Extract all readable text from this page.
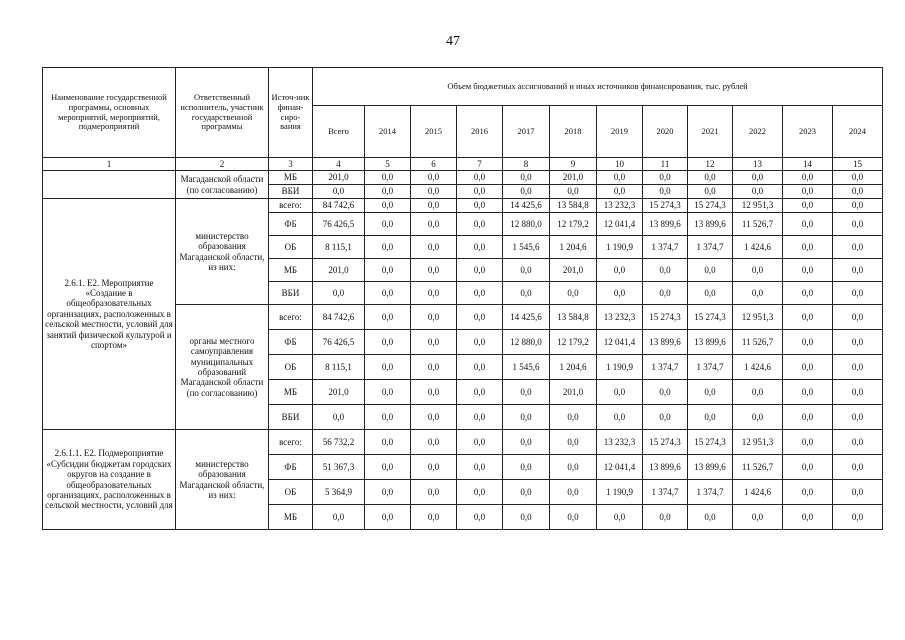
47
Наименование государственной программы, основных мероприятий, мероприятий, подмероприятий	Ответственный исполнитель, участник государственной программы	Источ-ник финан-сиро-вания	Объем бюджетных ассигнований и иных источников финансирования, тыс. рублей											
			Всего	2014	2015	2016	2017	2018	2019	2020	2021	2022	2023	2024
1	2	3	4	5	6	7	8	9	10	11	12	13	14	15
	Магаданской области (по согласованию)	МБ	201,0	0,0	0,0	0,0	0,0	201,0	0,0	0,0	0,0	0,0	0,0	0,0
		ВБИ	0,0	0,0	0,0	0,0	0,0	0,0	0,0	0,0	0,0	0,0	0,0	0,0
2.6.1. Е2. Мероприятие «Создание в общеобразовательных организациях, расположенных в сельской местности, условий для занятий физической культурой и спортом»	министерство образования Магаданской области, из них:	всего:	84 742,6	0,0	0,0	0,0	14 425,6	13 584,8	13 232,3	15 274,3	15 274,3	12 951,3	0,0	0,0
		ФБ	76 426,5	0,0	0,0	0,0	12 880,0	12 179,2	12 041,4	13 899,6	13 899,6	11 526,7	0,0	0,0
		ОБ	8 115,1	0,0	0,0	0,0	1 545,6	1 204,6	1 190,9	1 374,7	1 374,7	1 424,6	0,0	0,0
		МБ	201,0	0,0	0,0	0,0	0,0	201,0	0,0	0,0	0,0	0,0	0,0	0,0
		ВБИ	0,0	0,0	0,0	0,0	0,0	0,0	0,0	0,0	0,0	0,0	0,0	0,0
	органы местного самоуправления муниципальных образований Магаданской области (по согласованию)	всего:	84 742,6	0,0	0,0	0,0	14 425,6	13 584,8	13 232,3	15 274,3	15 274,3	12 951,3	0,0	0,0
		ФБ	76 426,5	0,0	0,0	0,0	12 880,0	12 179,2	12 041,4	13 899,6	13 899,6	11 526,7	0,0	0,0
		ОБ	8 115,1	0,0	0,0	0,0	1 545,6	1 204,6	1 190,9	1 374,7	1 374,7	1 424,6	0,0	0,0
		МБ	201,0	0,0	0,0	0,0	0,0	201,0	0,0	0,0	0,0	0,0	0,0	0,0
		ВБИ	0,0	0,0	0,0	0,0	0,0	0,0	0,0	0,0	0,0	0,0	0,0	0,0
2.6.1.1. Е2. Подмероприятие «Субсидии бюджетам городских округов на создание в общеобразовательных организациях, расположенных в сельской местности, условий для	министерство образования Магаданской области, из них:	всего:	56 732,2	0,0	0,0	0,0	0,0	0,0	13 232,3	15 274,3	15 274,3	12 951,3	0,0	0,0
		ФБ	51 367,3	0,0	0,0	0,0	0,0	0,0	12 041,4	13 899,6	13 899,6	11 526,7	0,0	0,0
		ОБ	5 364,9	0,0	0,0	0,0	0,0	0,0	1 190,9	1 374,7	1 374,7	1 424,6	0,0	0,0
		МБ	0,0	0,0	0,0	0,0	0,0	0,0	0,0	0,0	0,0	0,0	0,0	0,0
